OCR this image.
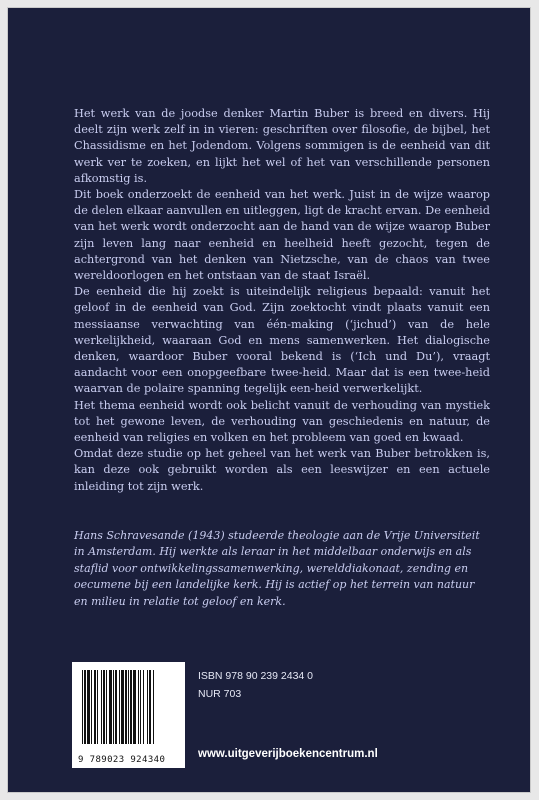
Het werk van de joodse denker Martin Buber is breed en divers. Hij deelt zijn werk zelf in in vieren: geschriften over filosofie, de bijbel, het Chassidisme en het Jodendom. Volgens sommigen is de eenheid van dit werk ver te zoeken, en lijkt het wel of het van verschillende personen afkomstig is.

Dit boek onderzoekt de eenheid van het werk. Juist in de wijze waarop de delen elkaar aanvullen en uitleggen, ligt de kracht ervan. De eenheid van het werk wordt onderzocht aan de hand van de wijze waarop Buber zijn leven lang naar eenheid en heelheid heeft gezocht, tegen de achtergrond van het denken van Nietzsche, van de chaos van twee wereldoorlogen en het ontstaan van de staat Israël.

De eenheid die hij zoekt is uiteindelijk religieus bepaald: vanuit het geloof in de eenheid van God. Zijn zoektocht vindt plaats vanuit een messiaanse verwachting van één-making (‘jichud’) van de hele werkelijkheid, waaraan God en mens samenwerken. Het dialogische denken, waardoor Buber vooral bekend is (‘Ich und Du’), vraagt aandacht voor een onopgeefbare twee-heid. Maar dat is een twee-heid waarvan de polaire spanning tegelijk een-heid verwerkelijkt.

Het thema eenheid wordt ook belicht vanuit de verhouding van mystiek tot het gewone leven, de verhouding van geschiedenis en natuur, de eenheid van religies en volken en het probleem van goed en kwaad.

Omdat deze studie op het geheel van het werk van Buber betrokken is, kan deze ook gebruikt worden als een leeswijzer en een actuele inleiding tot zijn werk.

Hans Schravesande (1943) studeerde theologie aan de Vrije Universiteit in Amsterdam. Hij werkte als leraar in het middelbaar onderwijs en als staflid voor ontwikkelingssamenwerking, werelddiakonaat, zending en oecumene bij een landelijke kerk. Hij is actief op het terrein van natuur en milieu in relatie tot geloof en kerk.
9 789023 924340
ISBN 978 90 239 2434 0
NUR 703
www.uitgeverijboekencentrum.nl
